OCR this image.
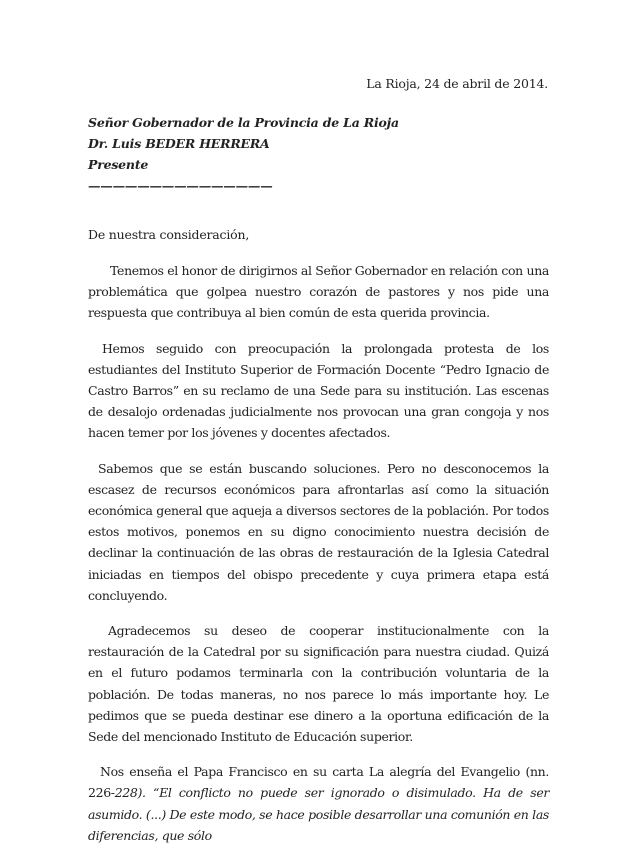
La Rioja, 24 de abril de 2014.
Señor Gobernador de la Provincia de La Rioja
Dr. Luis BEDER HERRERA
Presente
———————————————
De nuestra consideración,

Tenemos el honor de dirigirnos al Señor Gobernador en relación con una problemática que golpea nuestro corazón de pastores y nos pide una respuesta que contribuya al bien común de esta querida provincia.

Hemos seguido con preocupación la prolongada protesta de los estudiantes del Instituto Superior de Formación Docente “Pedro Ignacio de Castro Barros” en su reclamo de una Sede para su institución. Las escenas de desalojo ordenadas judicialmente nos provocan una gran congoja y nos hacen temer por los jóvenes y docentes afectados.

Sabemos que se están buscando soluciones. Pero no desconocemos la escasez de recursos económicos para afrontarlas así como la situación económica general que aqueja a diversos sectores de la población. Por todos estos motivos, ponemos en su digno conocimiento nuestra decisión de declinar la continuación de las obras de restauración de la Iglesia Catedral iniciadas en tiempos del obispo precedente y cuya primera etapa está concluyendo.

Agradecemos su deseo de cooperar institucionalmente con la restauración de la Catedral por su significación para nuestra ciudad. Quizá en el futuro podamos terminarla con la contribución voluntaria de la población. De todas maneras, no nos parece lo más importante hoy. Le pedimos que se pueda destinar ese dinero a la oportuna edificación de la Sede del mencionado Instituto de Educación superior.

Nos enseña el Papa Francisco en su carta La alegría del Evangelio (nn. 226-228). “El conflicto no puede ser ignorado o disimulado. Ha de ser asumido. (...) De este modo, se hace posible desarrollar una comunión en las diferencias, que sólo
